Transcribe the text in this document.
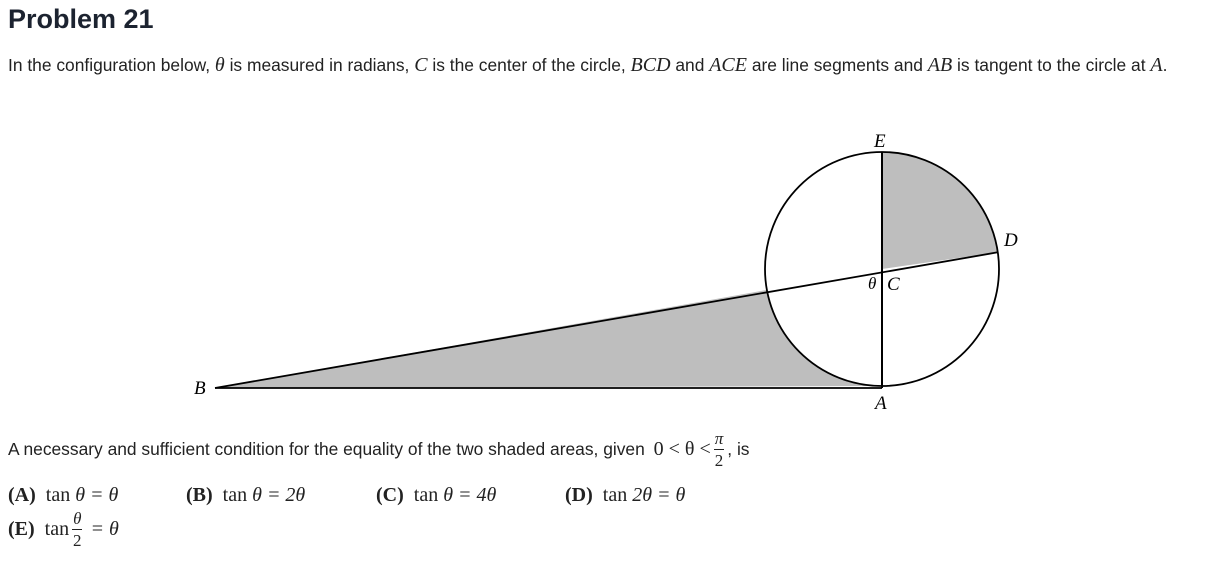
Problem 21
In the configuration below, θ is measured in radians, C is the center of the circle, BCD and ACE are line segments and AB is tangent to the circle at A.
E
D
θ C
B
A
A necessary and sufficient condition for the equality of the two shaded areas, given $0 < \theta < \frac{\pi}{2}$ , is
(A) tan
θ = θ	(B) tan
θ = 2θ	(C) tan
θ = 4θ	(D) tan
2θ = θ
(E) $\tan \frac{\theta}{2} = \theta$
